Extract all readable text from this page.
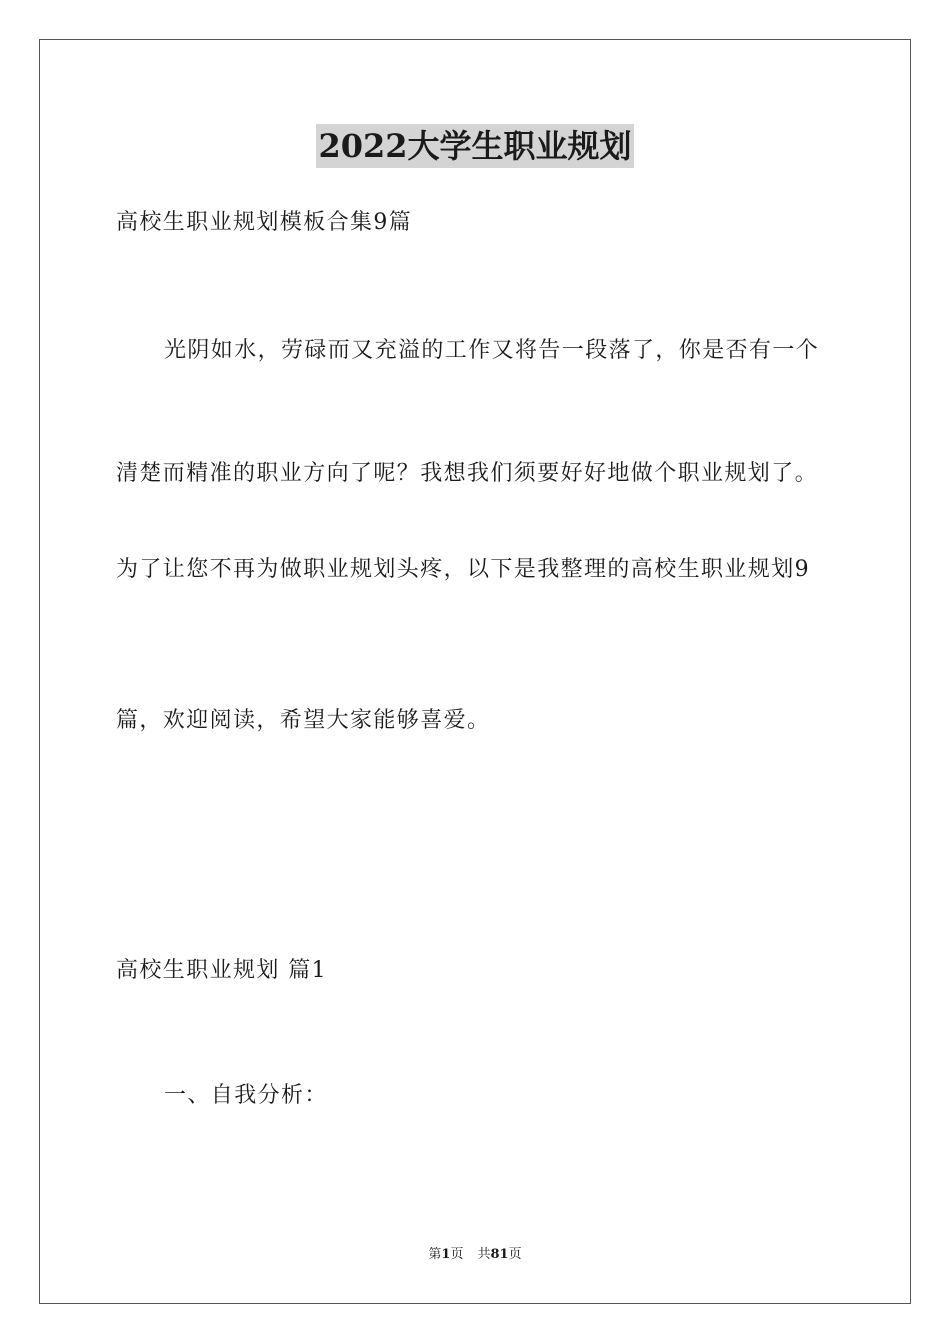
2022大学生职业规划
高校生职业规划模板合集9篇
光阴如水，劳碌而又充溢的工作又将告一段落了，你是否有一个
清楚而精准的职业方向了呢？我想我们须要好好地做个职业规划了。
为了让您不再为做职业规划头疼，以下是我整理的高校生职业规划9
篇，欢迎阅读，希望大家能够喜爱。
高校生职业规划 篇1
一、自我分析：
第1页 共81页
